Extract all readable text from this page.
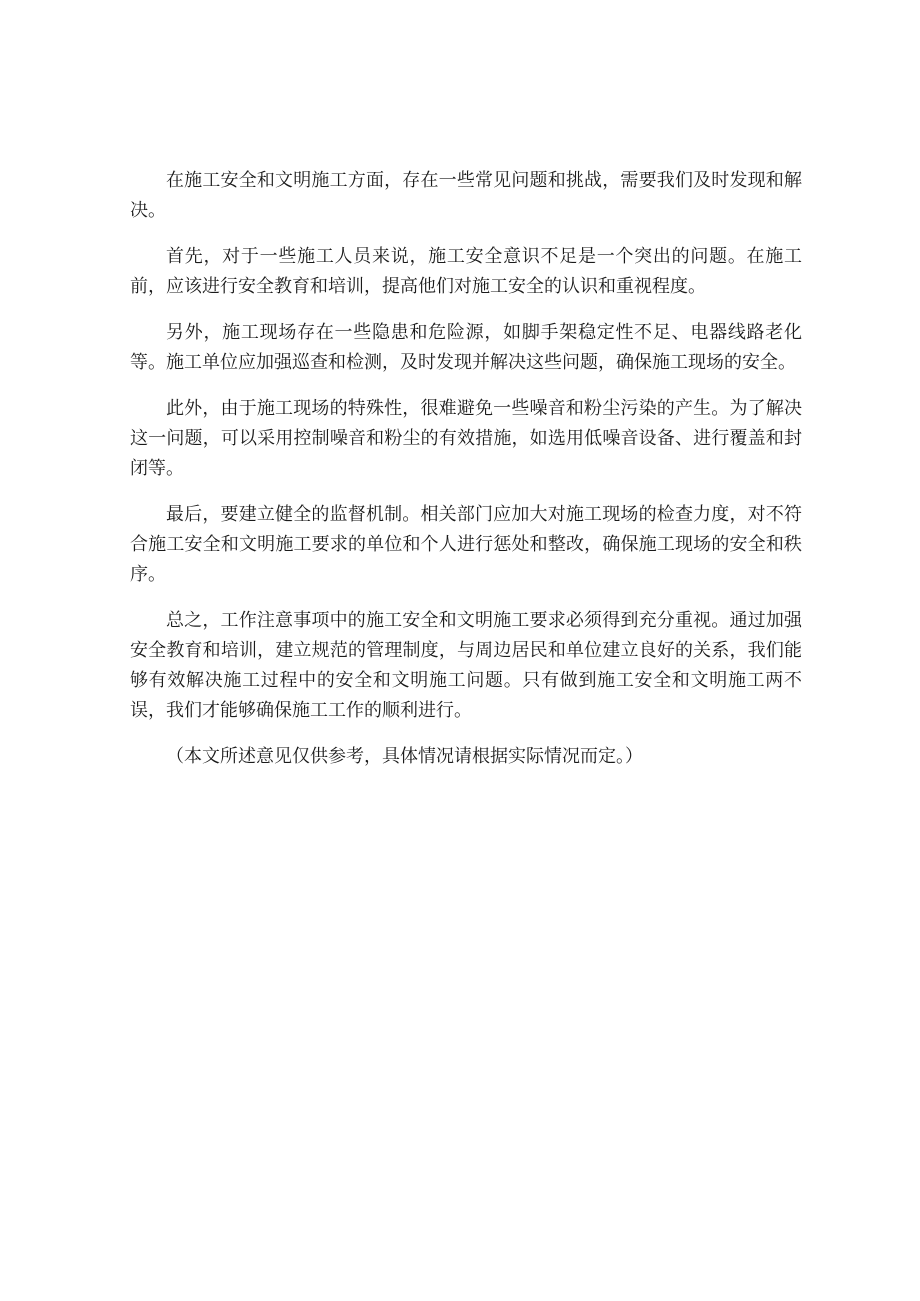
在施工安全和文明施工方面，存在一些常见问题和挑战，需要我们及时发现和解决。

首先，对于一些施工人员来说，施工安全意识不足是一个突出的问题。在施工前，应该进行安全教育和培训，提高他们对施工安全的认识和重视程度。

另外，施工现场存在一些隐患和危险源，如脚手架稳定性不足、电器线路老化等。施工单位应加强巡查和检测，及时发现并解决这些问题，确保施工现场的安全。

此外，由于施工现场的特殊性，很难避免一些噪音和粉尘污染的产生。为了解决这一问题，可以采用控制噪音和粉尘的有效措施，如选用低噪音设备、进行覆盖和封闭等。

最后，要建立健全的监督机制。相关部门应加大对施工现场的检查力度，对不符合施工安全和文明施工要求的单位和个人进行惩处和整改，确保施工现场的安全和秩序。

总之，工作注意事项中的施工安全和文明施工要求必须得到充分重视。通过加强安全教育和培训，建立规范的管理制度，与周边居民和单位建立良好的关系，我们能够有效解决施工过程中的安全和文明施工问题。只有做到施工安全和文明施工两不误，我们才能够确保施工工作的顺利进行。

（本文所述意见仅供参考，具体情况请根据实际情况而定。）
